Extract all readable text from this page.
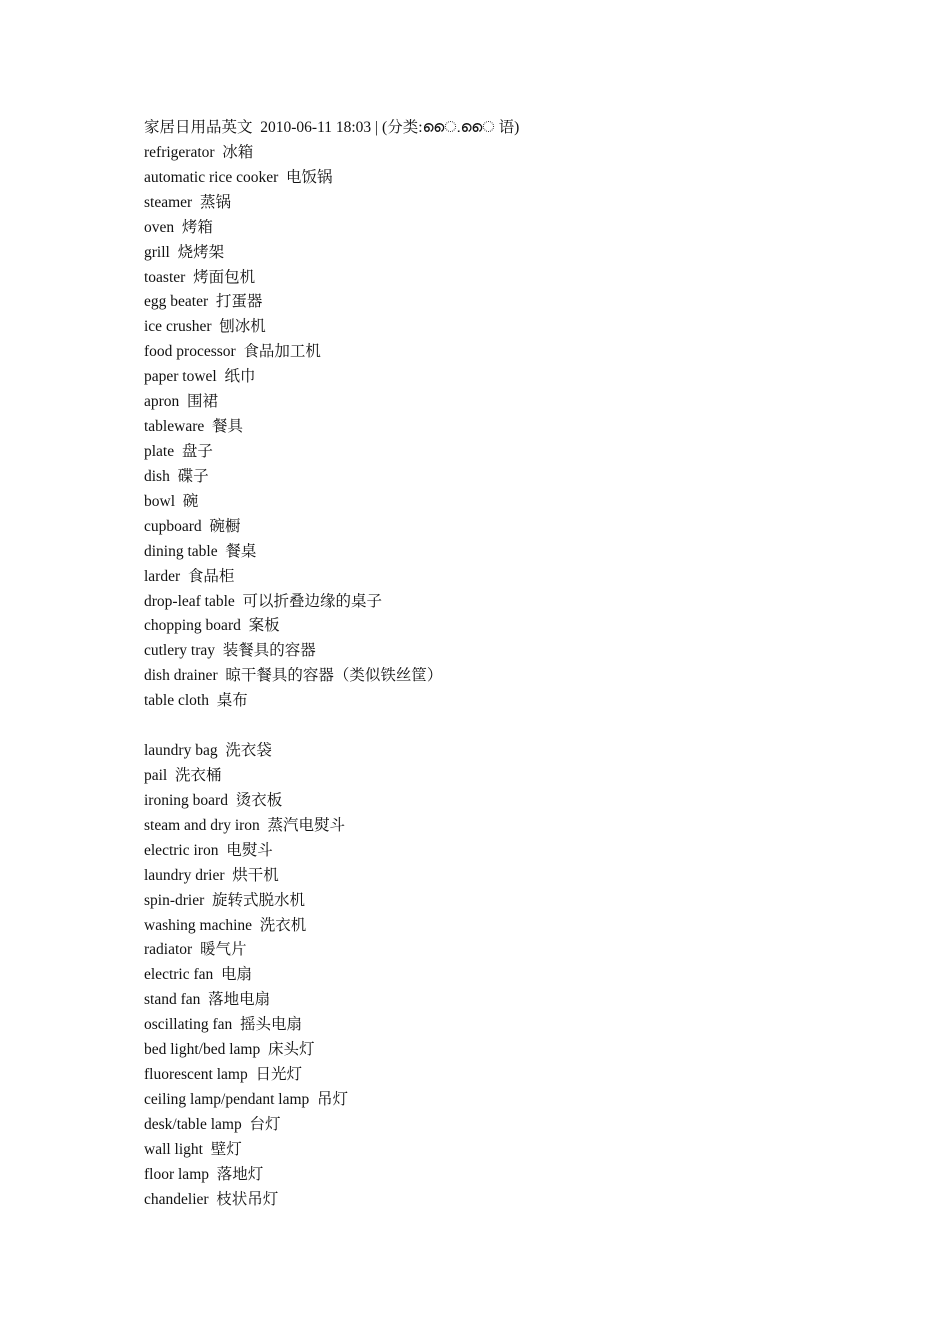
家居日用品英文  2010-06-11 18:03 | (分类:ൈ.ൈ 语)
refrigerator  冰箱
automatic rice cooker  电饭锅
steamer  蒸锅
oven  烤箱
grill  烧烤架
toaster  烤面包机
egg beater  打蛋器
ice crusher  刨冰机
food processor  食品加工机
paper towel  纸巾
apron  围裙
tableware  餐具
plate  盘子
dish  碟子
bowl  碗
cupboard  碗橱
dining table  餐桌
larder  食品柜
drop-leaf table  可以折叠边缘的桌子
chopping board  案板
cutlery tray  装餐具的容器
dish drainer  晾干餐具的容器（类似铁丝筐）
table cloth  桌布
laundry bag  洗衣袋
pail  洗衣桶
ironing board  烫衣板
steam and dry iron  蒸汽电熨斗
electric iron  电熨斗
laundry drier  烘干机
spin-drier  旋转式脱水机
washing machine  洗衣机
radiator  暖气片
electric fan  电扇
stand fan  落地电扇
oscillating fan  摇头电扇
bed light/bed lamp  床头灯
fluorescent lamp  日光灯
ceiling lamp/pendant lamp  吊灯
desk/table lamp  台灯
wall light  壁灯
floor lamp  落地灯
chandelier  枝状吊灯
